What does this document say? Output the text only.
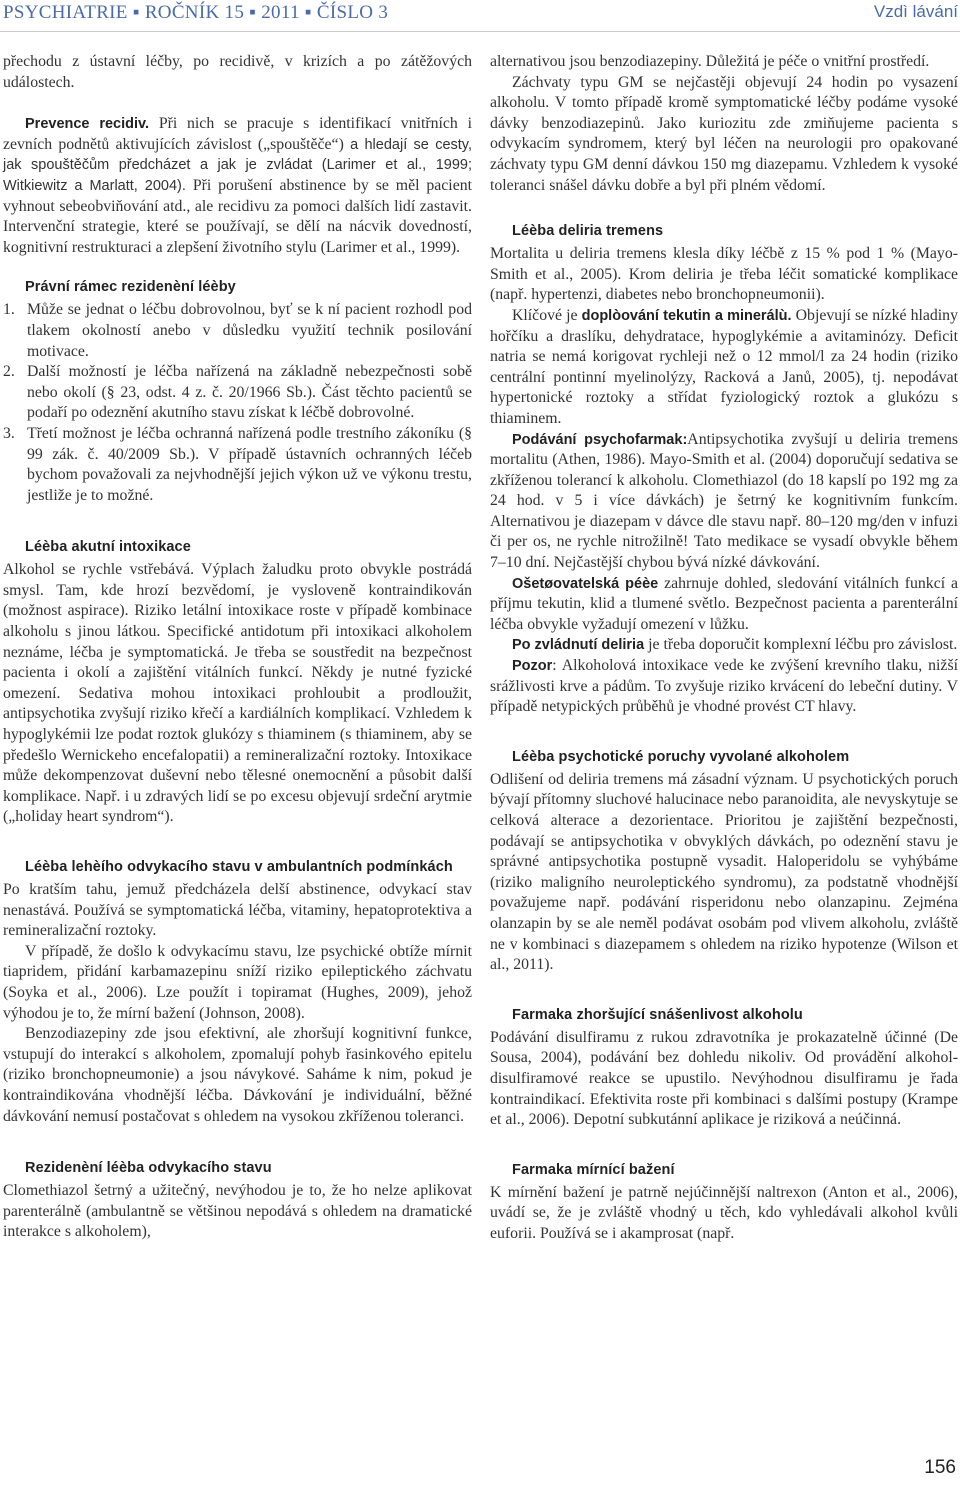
PSYCHIATRIE ▪ ROČNÍK 15 ▪ 2011 ▪ ČÍSLO 3	Vzdì lávání

přechodu z ústavní léčby, po recidivě, v krizích a po zátěžových událostech.

Prevence recidiv. Při nich se pracuje s identifikací vnitřních i zevních podnětů aktivujících závislost („spouštěče“) a hledají se cesty, jak spouštěčům předcházet a jak je zvládat (Larimer et al., 1999; Witkiewitz a Marlatt, 2004). Při porušení abstinence by se měl pacient vyhnout sebeobviňování atd., ale recidivu za pomoci dalších lidí zastavit. Intervenční strategie, které se používají, se dělí na nácvik dovedností, kognitivní restrukturaci a zlepšení životního stylu (Larimer et al., 1999).

Právní rámec rezidenèní léèby
1. Může se jednat o léčbu dobrovolnou, byť se k ní pacient rozhodl pod tlakem okolností anebo v důsledku využití technik posilování motivace.
2. Další možností je léčba nařízená na základně nebezpečnosti sobě nebo okolí (§ 23, odst. 4 z. č. 20/1966 Sb.). Část těchto pacientů se podaří po odeznění akutního stavu získat k léčbě dobrovolné.
3. Třetí možnost je léčba ochranná nařízená podle trestního zákoníku (§ 99 zák. č. 40/2009 Sb.). V případě ústavních ochranných léčeb bychom považovali za nejvhodnější jejich výkon už ve výkonu trestu, jestliže je to možné.
Léèba akutní intoxikace

Alkohol se rychle vstřebává. Výplach žaludku proto obvykle postrádá smysl. Tam, kde hrozí bezvědomí, je vysloveně kontraindikován (možnost aspirace). Riziko letální intoxikace roste v případě kombinace alkoholu s jinou látkou. Specifické antidotum při intoxikaci alkoholem neznáme, léčba je symptomatická. Je třeba se soustředit na bezpečnost pacienta i okolí a zajištění vitálních funkcí. Někdy je nutné fyzické omezení. Sedativa mohou intoxikaci prohloubit a prodloužit, antipsychotika zvyšují riziko křečí a kardiálních komplikací. Vzhledem k hypoglykémii lze podat roztok glukózy s thiaminem (s thiaminem, aby se předešlo Wernickeho encefalopatii) a remineralizační roztoky. Intoxikace může dekompenzovat duševní nebo tělesné onemocnění a působit další komplikace. Např. i u zdravých lidí se po excesu objevují srdeční arytmie („holiday heart syndrom“).

Léèba lehèího odvykacího stavu v ambulantních podmínkách

Po kratším tahu, jemuž předcházela delší abstinence, odvykací stav nenastává. Používá se symptomatická léčba, vitaminy, hepatoprotektiva a remineralizační roztoky.

V případě, že došlo k odvykacímu stavu, lze psychické obtíže mírnit tiapridem, přidání karbamazepinu sníží riziko epileptického záchvatu (Soyka et al., 2006). Lze použít i topiramat (Hughes, 2009), jehož výhodou je to, že mírní bažení (Johnson, 2008).

Benzodiazepiny zde jsou efektivní, ale zhoršují kognitivní funkce, vstupují do interakcí s alkoholem, zpomalují pohyb řasinkového epitelu (riziko bronchopneumonie) a jsou návykové. Saháme k nim, pokud je kontraindikována vhodnější léčba. Dávkování je individuální, běžné dávkování nemusí postačovat s ohledem na vysokou zkříženou toleranci.

Rezidenèní léèba odvykacího stavu

Clomethiazol šetrný a užitečný, nevýhodou je to, že ho nelze aplikovat parenterálně (ambulantně se většinou nepodává s ohledem na dramatické interakce s alkoholem),

alternativou jsou benzodiazepiny. Důležitá je péče o vnitřní prostředí.

Záchvaty typu GM se nejčastěji objevují 24 hodin po vysazení alkoholu. V tomto případě kromě symptomatické léčby podáme vysoké dávky benzodiazepinů. Jako kuriozitu zde zmiňujeme pacienta s odvykacím syndromem, který byl léčen na neurologii pro opakované záchvaty typu GM denní dávkou 150 mg diazepamu. Vzhledem k vysoké toleranci snášel dávku dobře a byl při plném vědomí.

Léèba deliria tremens

Mortalita u deliria tremens klesla díky léčbě z 15 % pod 1 % (Mayo-Smith et al., 2005). Krom deliria je třeba léčit somatické komplikace (např. hypertenzi, diabetes nebo bronchopneumonii).

Klíčové je doplòování tekutin a minerálù. Objevují se nízké hladiny hořčíku a draslíku, dehydratace, hypoglykémie a avitaminózy. Deficit natria se nemá korigovat rychleji než o 12 mmol/l za 24 hodin (riziko centrální pontinní myelinolýzy, Racková a Janů, 2005), tj. nepodávat hypertonické roztoky a střídat fyziologický roztok a glukózu s thiaminem.

Podávání psychofarmak:Antipsychotika zvyšují u deliria tremens mortalitu (Athen, 1986). Mayo-Smith et al. (2004) doporučují sedativa se zkříženou tolerancí k alkoholu. Clomethiazol (do 18 kapslí po 192 mg za 24 hod. v 5 i více dávkách) je šetrný ke kognitivním funkcím. Alternativou je diazepam v dávce dle stavu např. 80–120 mg/den v infuzi či per os, ne rychle nitrožilně! Tato medikace se vysadí obvykle během 7–10 dní. Nejčastější chybou bývá nízké dávkování.

Ošetøovatelská péèe zahrnuje dohled, sledování vitálních funkcí a příjmu tekutin, klid a tlumené světlo. Bezpečnost pacienta a parenterální léčba obvykle vyžadují omezení v lůžku.

Po zvládnutí deliria je třeba doporučit komplexní léčbu pro závislost.

Pozor: Alkoholová intoxikace vede ke zvýšení krevního tlaku, nižší srážlivosti krve a pádům. To zvyšuje riziko krvácení do lebeční dutiny. V případě netypických průběhů je vhodné provést CT hlavy.

Léèba psychotické poruchy vyvolané alkoholem

Odlišení od deliria tremens má zásadní význam. U psychotických poruch bývají přítomny sluchové halucinace nebo paranoidita, ale nevyskytuje se celková alterace a dezorientace. Prioritou je zajištění bezpečnosti, podávají se antipsychotika v obvyklých dávkách, po odeznění stavu je správné antipsychotika postupně vysadit. Haloperidolu se vyhýbáme (riziko maligního neuroleptického syndromu), za podstatně vhodnější považujeme např. podávání risperidonu nebo olanzapinu. Zejména olanzapin by se ale neměl podávat osobám pod vlivem alkoholu, zvláště ne v kombinaci s diazepamem s ohledem na riziko hypotenze (Wilson et al., 2011).

Farmaka zhoršující snášenlivost alkoholu

Podávání disulfiramu z rukou zdravotníka je prokazatelně účinné (De Sousa, 2004), podávání bez dohledu nikoliv. Od provádění alkohol-disulfiramové reakce se upustilo. Nevýhodnou disulfiramu je řada kontraindikací. Efektivita roste při kombinaci s dalšími postupy (Krampe et al., 2006). Depotní subkutánní aplikace je riziková a neúčinná.

Farmaka mírnící bažení

K mírnění bažení je patrně nejúčinnější naltrexon (Anton et al., 2006), uvádí se, že je zvláště vhodný u těch, kdo vyhledávali alkohol kvůli euforii. Používá se i akamprosat (např.

156
